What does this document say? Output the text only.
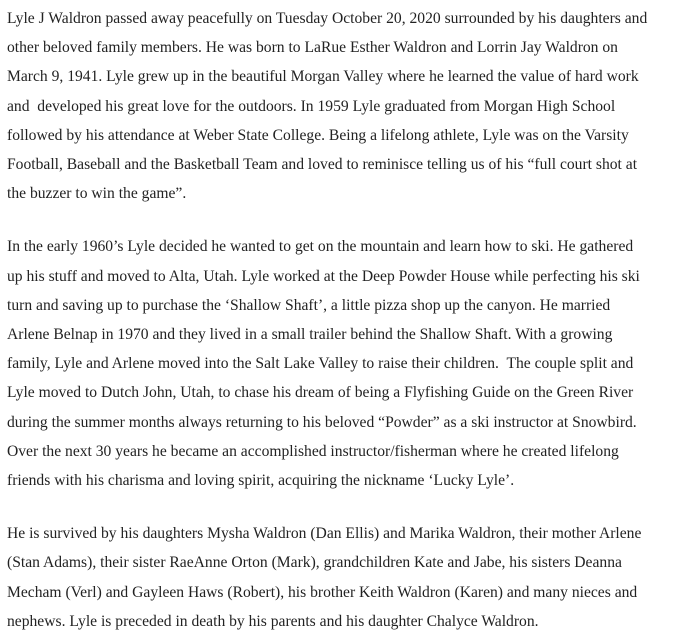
Lyle J Waldron passed away peacefully on Tuesday October 20, 2020 surrounded by his daughters and
other beloved family members. He was born to LaRue Esther Waldron and Lorrin Jay Waldron on
March 9, 1941. Lyle grew up in the beautiful Morgan Valley where he learned the value of hard work
and  developed his great love for the outdoors. In 1959 Lyle graduated from Morgan High School
followed by his attendance at Weber State College. Being a lifelong athlete, Lyle was on the Varsity
Football, Baseball and the Basketball Team and loved to reminisce telling us of his “full court shot at
the buzzer to win the game”.

In the early 1960’s Lyle decided he wanted to get on the mountain and learn how to ski. He gathered
up his stuff and moved to Alta, Utah. Lyle worked at the Deep Powder House while perfecting his ski
turn and saving up to purchase the ‘Shallow Shaft’, a little pizza shop up the canyon. He married
Arlene Belnap in 1970 and they lived in a small trailer behind the Shallow Shaft. With a growing
family, Lyle and Arlene moved into the Salt Lake Valley to raise their children.  The couple split and
Lyle moved to Dutch John, Utah, to chase his dream of being a Flyfishing Guide on the Green River
during the summer months always returning to his beloved “Powder” as a ski instructor at Snowbird.
Over the next 30 years he became an accomplished instructor/fisherman where he created lifelong
friends with his charisma and loving spirit, acquiring the nickname ‘Lucky Lyle’.

He is survived by his daughters Mysha Waldron (Dan Ellis) and Marika Waldron, their mother Arlene
(Stan Adams), their sister RaeAnne Orton (Mark), grandchildren Kate and Jabe, his sisters Deanna
Mecham (Verl) and Gayleen Haws (Robert), his brother Keith Waldron (Karen) and many nieces and
nephews. Lyle is preceded in death by his parents and his daughter Chalyce Waldron.
